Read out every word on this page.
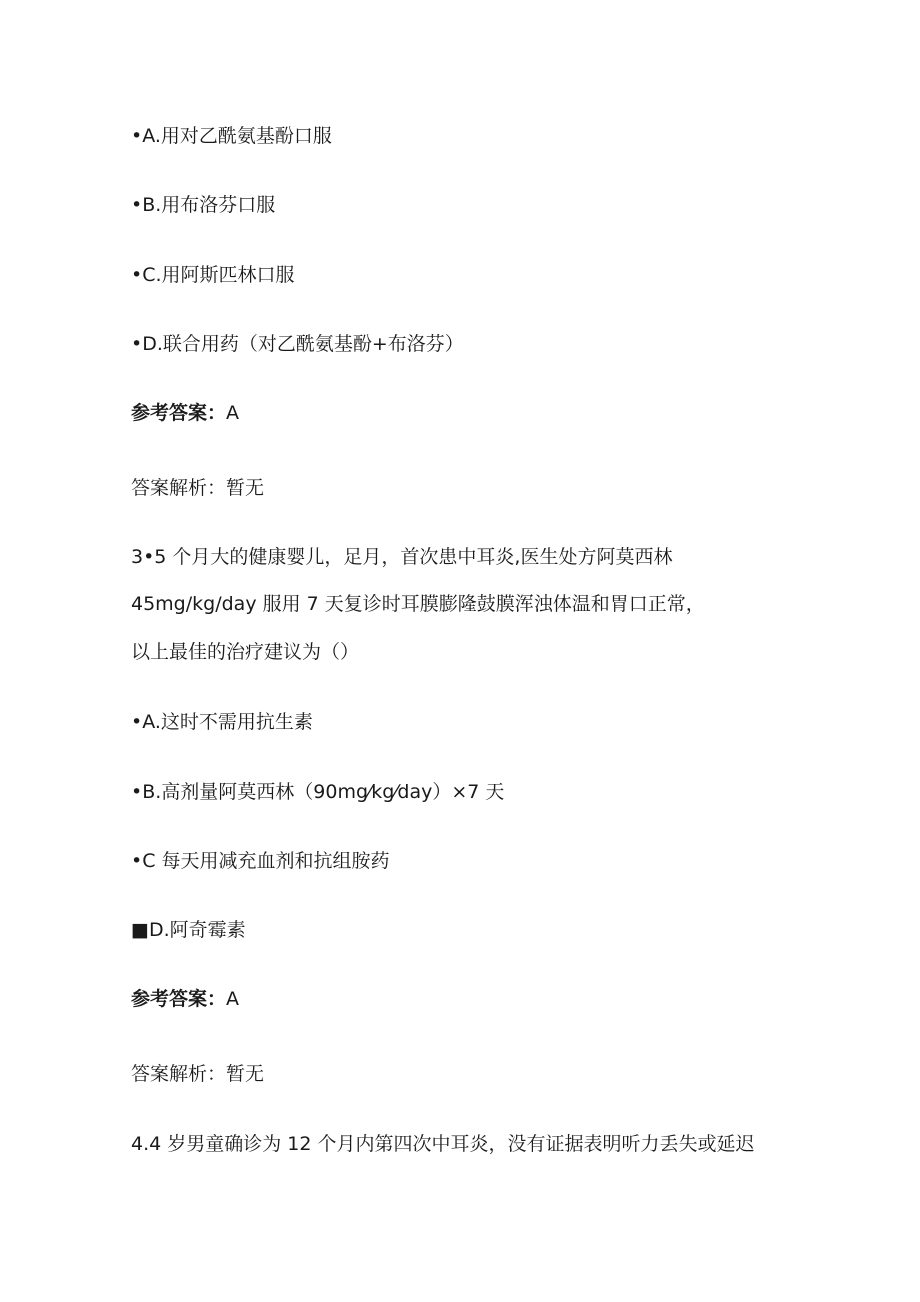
•A.用对乙酰氨基酚口服
•B.用布洛芬口服
•C.用阿斯匹林口服
•D.联合用药（对乙酰氨基酚+布洛芬）
参考答案：A
答案解析：暂无
3•5 个月大的健康婴儿，足月，首次患中耳炎,医生处方阿莫西林
45mg/kg/day 服用 7 天复诊时耳膜膨隆鼓膜浑浊体温和胃口正常，
以上最佳的治疗建议为（）
•A.这时不需用抗生素
•B.高剂量阿莫西林（90mg⁄kg⁄day）×7 天
•C 每天用减充血剂和抗组胺药
■D.阿奇霉素
参考答案：A
答案解析：暂无
4.4 岁男童确诊为 12 个月内第四次中耳炎，没有证据表明听力丢失或延迟
